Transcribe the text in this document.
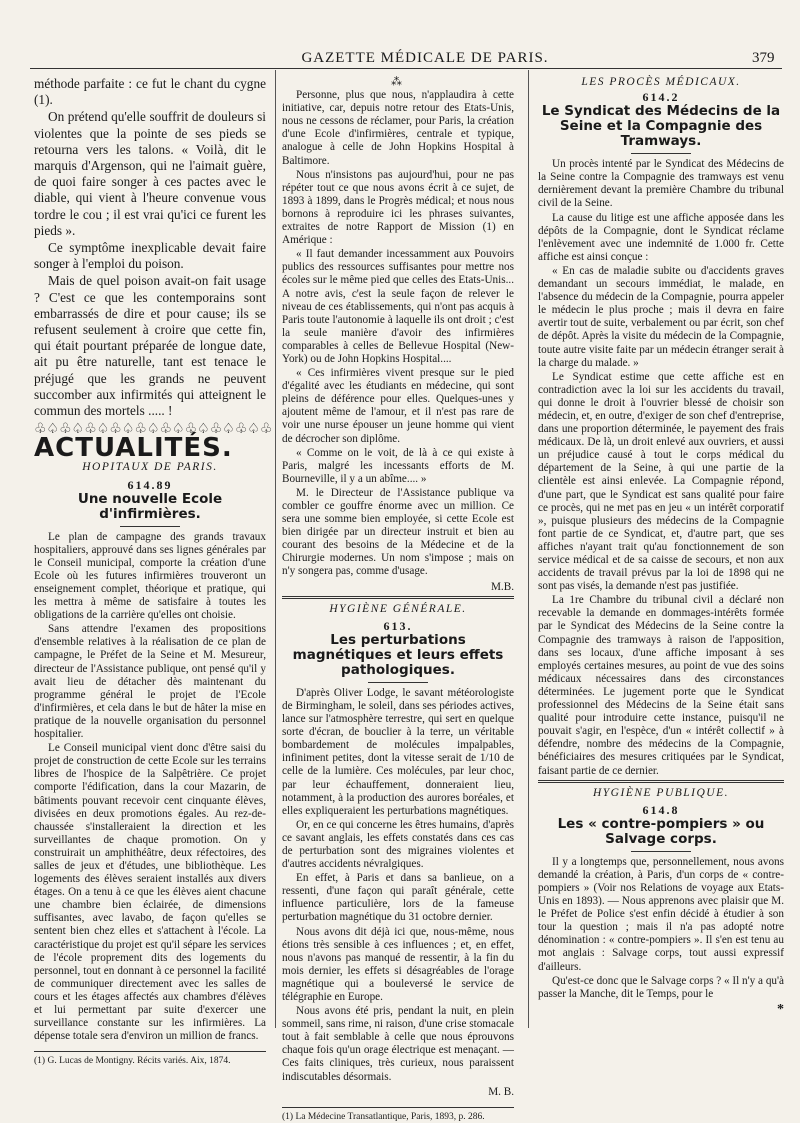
GAZETTE MÉDICALE DE PARIS.	379

méthode parfaite : ce fut le chant du cygne (1).

On prétend qu'elle souffrit de douleurs si violentes que la pointe de ses pieds se retourna vers les talons. « Voilà, dit le marquis d'Argenson, qui ne l'aimait guère, de quoi faire songer à ces pactes avec le diable, qui vient à l'heure convenue vous tordre le cou ; il est vrai qu'ici ce furent les pieds ».

Ce symptôme inexplicable devait faire songer à l'emploi du poison.

Mais de quel poison avait-on fait usage ? C'est ce que les contemporains sont embarrassés de dire et pour cause; ils se refusent seulement à croire que cette fin, qui était pourtant préparée de longue date, ait pu être naturelle, tant est tenace le préjugé que les grands ne peuvent succomber aux infirmités qui atteignent le commun des mortels ..... !

♧♤♧♤♧♤♧♤♧♤♧♤♧♤♧♤♧♤♧
ACTUALITÉS.
HOPITAUX DE PARIS.
614.89
Une nouvelle Ecole d'infirmières.

Le plan de campagne des grands travaux hospitaliers, approuvé dans ses lignes générales par le Conseil municipal, comporte la création d'une Ecole où les futures infirmières trouveront un enseignement complet, théorique et pratique, qui les mettra à même de satisfaire à toutes les obligations de la carrière qu'elles ont choisie.

Sans attendre l'examen des propositions d'ensemble relatives à la réalisation de ce plan de campagne, le Préfet de la Seine et M. Mesureur, directeur de l'Assistance publique, ont pensé qu'il y avait lieu de détacher dès maintenant du programme général le projet de l'Ecole d'infirmières, et cela dans le but de hâter la mise en pratique de la nouvelle organisation du personnel hospitalier.

Le Conseil municipal vient donc d'être saisi du projet de construction de cette Ecole sur les terrains libres de l'hospice de la Salpêtrière. Ce projet comporte l'édification, dans la cour Mazarin, de bâtiments pouvant recevoir cent cinquante élèves, divisées en deux promotions égales. Au rez-de-chaussée s'installeraient la direction et les surveillantes de chaque promotion. On y construirait un amphithéâtre, deux réfectoires, des salles de jeux et d'études, une bibliothèque. Les logements des élèves seraient installés aux divers étages. On a tenu à ce que les élèves aient chacune une chambre bien éclairée, de dimensions suffisantes, avec lavabo, de façon qu'elles se sentent bien chez elles et s'attachent à l'école. La caractéristique du projet est qu'il sépare les services de l'école proprement dits des logements du personnel, tout en donnant à ce personnel la facilité de communiquer directement avec les salles de cours et les étages affectés aux chambres d'élèves et lui permettant par suite d'exercer une surveillance constante sur les infirmières. La dépense totale sera d'environ un million de francs.

(1) G. Lucas de Montigny. Récits variés. Aix, 1874.
⁂

Personne, plus que nous, n'applaudira à cette initiative, car, depuis notre retour des Etats-Unis, nous ne cessons de réclamer, pour Paris, la création d'une Ecole d'infirmières, centrale et typique, analogue à celle de John Hopkins Hospital à Baltimore.

Nous n'insistons pas aujourd'hui, pour ne pas répéter tout ce que nous avons écrit à ce sujet, de 1893 à 1899, dans le Progrès médical; et nous nous bornons à reproduire ici les phrases suivantes, extraites de notre Rapport de Mission (1) en Amérique :

« Il faut demander incessamment aux Pouvoirs publics des ressources suffisantes pour mettre nos écoles sur le même pied que celles des Etats-Unis... A notre avis, c'est la seule façon de relever le niveau de ces établissements, qui n'ont pas acquis à Paris toute l'autonomie à laquelle ils ont droit ; c'est la seule manière d'avoir des infirmières comparables à celles de Bellevue Hospital (New-York) ou de John Hopkins Hospital....

« Ces infirmières vivent presque sur le pied d'égalité avec les étudiants en médecine, qui sont pleins de déférence pour elles. Quelques-unes y ajoutent même de l'amour, et il n'est pas rare de voir une nurse épouser un jeune homme qui vient de décrocher son diplôme.

« Comme on le voit, de là à ce qui existe à Paris, malgré les incessants efforts de M. Bourneville, il y a un abîme.... »

M. le Directeur de l'Assistance publique va combler ce gouffre énorme avec un million. Ce sera une somme bien employée, si cette Ecole est bien dirigée par un directeur instruit et bien au courant des besoins de la Médecine et de la Chirurgie modernes. Un nom s'impose ; mais on n'y songera pas, comme d'usage.

M.B.
HYGIÈNE GÉNÉRALE.
613.
Les perturbations magnétiques et leurs effets pathologiques.

D'après Oliver Lodge, le savant météorologiste de Birmingham, le soleil, dans ses périodes actives, lance sur l'atmosphère terrestre, qui sert en quelque sorte d'écran, de bouclier à la terre, un véritable bombardement de molécules impalpables, infiniment petites, dont la vitesse serait de 1/10 de celle de la lumière. Ces molécules, par leur choc, par leur échauffement, donneraient lieu, notamment, à la production des aurores boréales, et elles expliqueraient les perturbations magnétiques.

Or, en ce qui concerne les êtres humains, d'après ce savant anglais, les effets constatés dans ces cas de perturbation sont des migraines violentes et d'autres accidents névralgiques.

En effet, à Paris et dans sa banlieue, on a ressenti, d'une façon qui paraît générale, cette influence particulière, lors de la fameuse perturbation magnétique du 31 octobre dernier.

Nous avons dit déjà ici que, nous-même, nous étions très sensible à ces influences ; et, en effet, nous n'avons pas manqué de ressentir, à la fin du mois dernier, les effets si désagréables de l'orage magnétique qui a bouleversé le service de télégraphie en Europe.

Nous avons été pris, pendant la nuit, en plein sommeil, sans rime, ni raison, d'une crise stomacale tout à fait semblable à celle que nous éprouvons chaque fois qu'un orage électrique est menaçant. — Ces faits cliniques, très curieux, nous paraissent indiscutables désormais.

M. B.
(1) La Médecine Transatlantique, Paris, 1893, p. 286.
LES PROCÈS MÉDICAUX.
614.2
Le Syndicat des Médecins de la Seine et la Compagnie des Tramways.

Un procès intenté par le Syndicat des Médecins de la Seine contre la Compagnie des tramways est venu dernièrement devant la première Chambre du tribunal civil de la Seine.

La cause du litige est une affiche apposée dans les dépôts de la Compagnie, dont le Syndicat réclame l'enlèvement avec une indemnité de 1.000 fr. Cette affiche est ainsi conçue :

« En cas de maladie subite ou d'accidents graves demandant un secours immédiat, le malade, en l'absence du médecin de la Compagnie, pourra appeler le médecin le plus proche ; mais il devra en faire avertir tout de suite, verbalement ou par écrit, son chef de dépôt. Après la visite du médecin de la Compagnie, toute autre visite faite par un médecin étranger serait à la charge du malade. »

Le Syndicat estime que cette affiche est en contradiction avec la loi sur les accidents du travail, qui donne le droit à l'ouvrier blessé de choisir son médecin, et, en outre, d'exiger de son chef d'entreprise, dans une proportion déterminée, le payement des frais médicaux. De là, un droit enlevé aux ouvriers, et aussi un préjudice causé à tout le corps médical du département de la Seine, à qui une partie de la clientèle est ainsi enlevée. La Compagnie répond, d'une part, que le Syndicat est sans qualité pour faire ce procès, qui ne met pas en jeu « un intérêt corporatif », puisque plusieurs des médecins de la Compagnie font partie de ce Syndicat, et, d'autre part, que ses affiches n'ayant trait qu'au fonctionnement de son service médical et de sa caisse de secours, et non aux accidents de travail prévus par la loi de 1898 qui ne sont pas visés, la demande n'est pas justifiée.

La 1re Chambre du tribunal civil a déclaré non recevable la demande en dommages-intérêts formée par le Syndicat des Médecins de la Seine contre la Compagnie des tramways à raison de l'apposition, dans ses locaux, d'une affiche imposant à ses employés certaines mesures, au point de vue des soins médicaux nécessaires dans des circonstances déterminées. Le jugement porte que le Syndicat professionnel des Médecins de la Seine était sans qualité pour introduire cette instance, puisqu'il ne pouvait s'agir, en l'espèce, d'un « intérêt collectif » à défendre, nombre des médecins de la Compagnie, bénéficiaires des mesures critiquées par le Syndicat, faisant partie de ce dernier.

HYGIÈNE PUBLIQUE.
614.8
Les « contre-pompiers » ou Salvage corps.

Il y a longtemps que, personnellement, nous avons demandé la création, à Paris, d'un corps de « contre-pompiers » (Voir nos Relations de voyage aux Etats-Unis en 1893). — Nous apprenons avec plaisir que M. le Préfet de Police s'est enfin décidé à étudier à son tour la question ; mais il n'a pas adopté notre dénomination : « contre-pompiers ». Il s'en est tenu au mot anglais : Salvage corps, tout aussi expressif d'ailleurs.

Qu'est-ce donc que le Salvage corps ? « Il n'y a qu'à passer la Manche, dit le Temps, pour le

*
